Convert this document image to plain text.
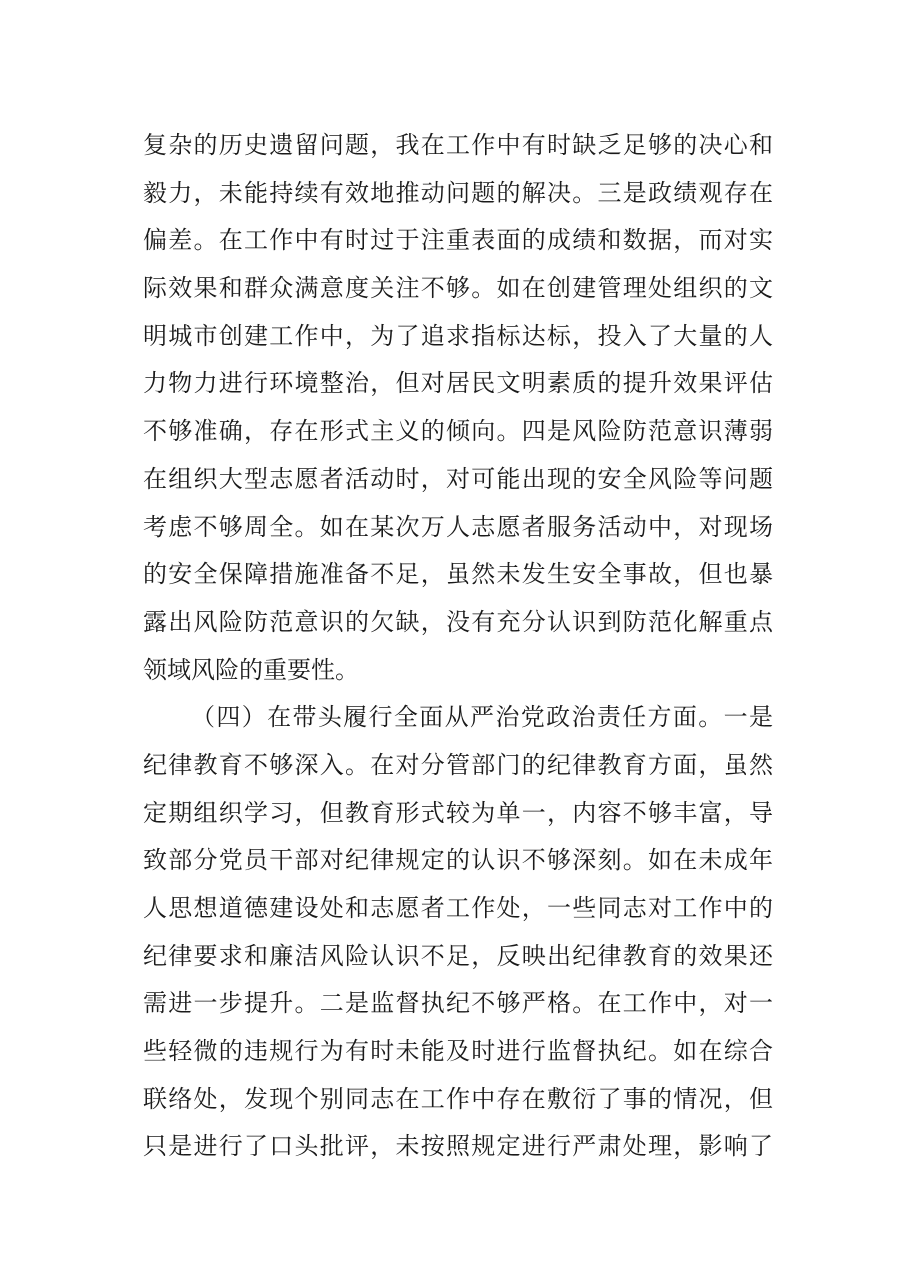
复杂的历史遗留问题，我在工作中有时缺乏足够的决心和
毅力，未能持续有效地推动问题的解决。三是政绩观存在
偏差。在工作中有时过于注重表面的成绩和数据，而对实
际效果和群众满意度关注不够。如在创建管理处组织的文
明城市创建工作中，为了追求指标达标，投入了大量的人
力物力进行环境整治，但对居民文明素质的提升效果评估
不够准确，存在形式主义的倾向。四是风险防范意识薄弱
在组织大型志愿者活动时，对可能出现的安全风险等问题
考虑不够周全。如在某次万人志愿者服务活动中，对现场
的安全保障措施准备不足，虽然未发生安全事故，但也暴
露出风险防范意识的欠缺，没有充分认识到防范化解重点
领域风险的重要性。
（四）在带头履行全面从严治党政治责任方面。一是
纪律教育不够深入。在对分管部门的纪律教育方面，虽然
定期组织学习，但教育形式较为单一，内容不够丰富，导
致部分党员干部对纪律规定的认识不够深刻。如在未成年
人思想道德建设处和志愿者工作处，一些同志对工作中的
纪律要求和廉洁风险认识不足，反映出纪律教育的效果还
需进一步提升。二是监督执纪不够严格。在工作中，对一
些轻微的违规行为有时未能及时进行监督执纪。如在综合
联络处，发现个别同志在工作中存在敷衍了事的情况，但
只是进行了口头批评，未按照规定进行严肃处理，影响了
